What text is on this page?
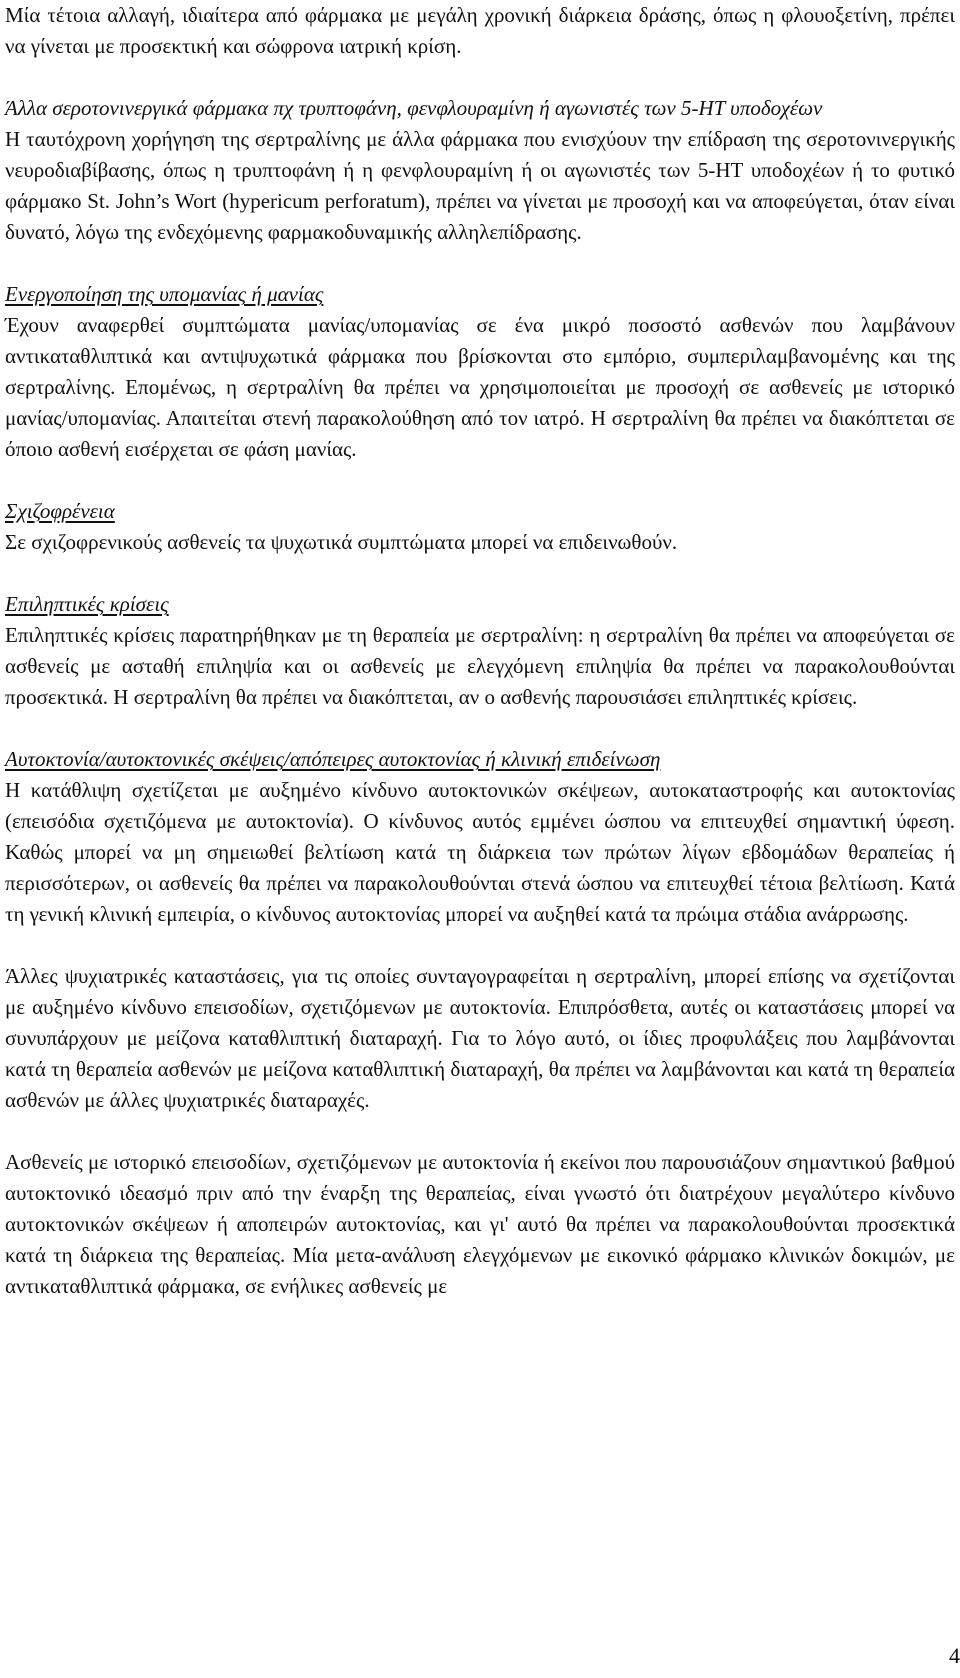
Μία τέτοια αλλαγή, ιδιαίτερα από φάρμακα με μεγάλη χρονική διάρκεια δράσης, όπως η φλουοξετίνη, πρέπει να γίνεται με προσεκτική και σώφρονα ιατρική κρίση.

Άλλα σεροτονινεργικά φάρμακα πχ τρυπτοφάνη, φενφλουραμίνη ή αγωνιστές των 5-HT υποδοχέων

Η ταυτόχρονη χορήγηση της σερτραλίνης με άλλα φάρμακα που ενισχύουν την επίδραση της σεροτονινεργικής νευροδιαβίβασης, όπως η τρυπτοφάνη ή η φενφλουραμίνη ή οι αγωνιστές των 5-HT υποδοχέων ή το φυτικό φάρμακο St. John’s Wort (hypericum perforatum), πρέπει να γίνεται με προσοχή και να αποφεύγεται, όταν είναι δυνατό, λόγω της ενδεχόμενης φαρμακοδυναμικής αλληλεπίδρασης.

Ενεργοποίηση της υπομανίας ή μανίας

Έχουν αναφερθεί συμπτώματα μανίας/υπομανίας σε ένα μικρό ποσοστό ασθενών που λαμβάνουν αντικαταθλιπτικά και αντιψυχωτικά φάρμακα που βρίσκονται στο εμπόριο, συμπεριλαμβανομένης και της σερτραλίνης. Επομένως, η σερτραλίνη θα πρέπει να χρησιμοποιείται με προσοχή σε ασθενείς με ιστορικό μανίας/υπομανίας. Απαιτείται στενή παρακολούθηση από τον ιατρό. Η σερτραλίνη θα πρέπει να διακόπτεται σε όποιο ασθενή εισέρχεται σε φάση μανίας.

Σχιζοφρένεια

Σε σχιζοφρενικούς ασθενείς τα ψυχωτικά συμπτώματα μπορεί να επιδεινωθούν.

Επιληπτικές κρίσεις

Επιληπτικές κρίσεις παρατηρήθηκαν με τη θεραπεία με σερτραλίνη: η σερτραλίνη θα πρέπει να αποφεύγεται σε ασθενείς με ασταθή επιληψία και οι ασθενείς με ελεγχόμενη επιληψία θα πρέπει να παρακολουθούνται προσεκτικά. Η σερτραλίνη θα πρέπει να διακόπτεται, αν ο ασθενής παρουσιάσει επιληπτικές κρίσεις.

Αυτοκτονία/αυτοκτονικές σκέψεις/απόπειρες αυτοκτονίας ή κλινική επιδείνωση

Η κατάθλιψη σχετίζεται με αυξημένο κίνδυνο αυτοκτονικών σκέψεων, αυτοκαταστροφής και αυτοκτονίας (επεισόδια σχετιζόμενα με αυτοκτονία). Ο κίνδυνος αυτός εμμένει ώσπου να επιτευχθεί σημαντική ύφεση. Καθώς μπορεί να μη σημειωθεί βελτίωση κατά τη διάρκεια των πρώτων λίγων εβδομάδων θεραπείας ή περισσότερων, οι ασθενείς θα πρέπει να παρακολουθούνται στενά ώσπου να επιτευχθεί τέτοια βελτίωση. Κατά τη γενική κλινική εμπειρία, ο κίνδυνος αυτοκτονίας μπορεί να αυξηθεί κατά τα πρώιμα στάδια ανάρρωσης.

Άλλες ψυχιατρικές καταστάσεις, για τις οποίες συνταγογραφείται η σερτραλίνη, μπορεί επίσης να σχετίζονται με αυξημένο κίνδυνο επεισοδίων, σχετιζόμενων με αυτοκτονία. Επιπρόσθετα, αυτές οι καταστάσεις μπορεί να συνυπάρχουν με μείζονα καταθλιπτική διαταραχή. Για το λόγο αυτό, οι ίδιες προφυλάξεις που λαμβάνονται κατά τη θεραπεία ασθενών με μείζονα καταθλιπτική διαταραχή, θα πρέπει να λαμβάνονται και κατά τη θεραπεία ασθενών με άλλες ψυχιατρικές διαταραχές.

Ασθενείς με ιστορικό επεισοδίων, σχετιζόμενων με αυτοκτονία ή εκείνοι που παρουσιάζουν σημαντικού βαθμού αυτοκτονικό ιδεασμό πριν από την έναρξη της θεραπείας, είναι γνωστό ότι διατρέχουν μεγαλύτερο κίνδυνο αυτοκτονικών σκέψεων ή αποπειρών αυτοκτονίας, και γι' αυτό θα πρέπει να παρακολουθούνται προσεκτικά κατά τη διάρκεια της θεραπείας. Μία μετα-ανάλυση ελεγχόμενων με εικονικό φάρμακο κλινικών δοκιμών, με αντικαταθλιπτικά φάρμακα, σε ενήλικες ασθενείς με

4
